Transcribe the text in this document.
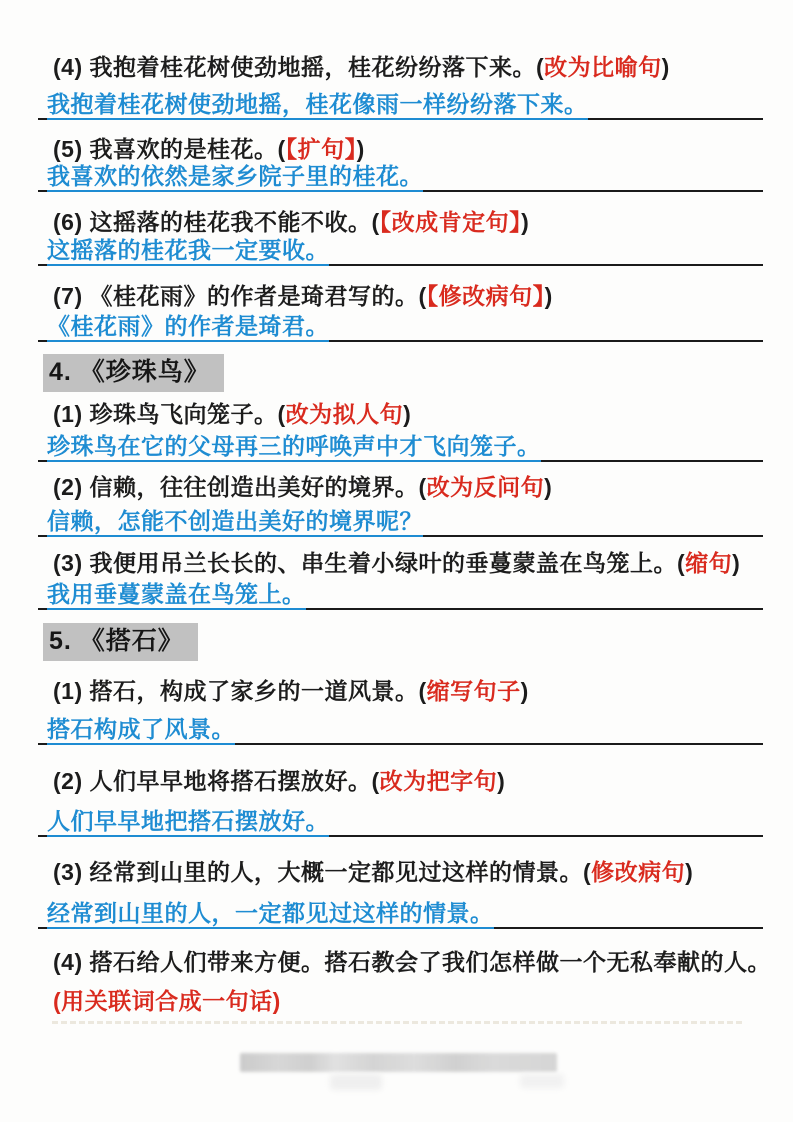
(4) 我抱着桂花树使劲地摇，桂花纷纷落下来。(改为比喻句)
我抱着桂花树使劲地摇，桂花像雨一样纷纷落下来。
(5) 我喜欢的是桂花。(【扩句】)
我喜欢的依然是家乡院子里的桂花。
(6) 这摇落的桂花我不能不收。(【改成肯定句】)
这摇落的桂花我一定要收。
(7) 《桂花雨》的作者是琦君写的。(【修改病句】)
《桂花雨》的作者是琦君。
4. 《珍珠鸟》
(1) 珍珠鸟飞向笼子。(改为拟人句)
珍珠鸟在它的父母再三的呼唤声中才飞向笼子。
(2) 信赖，往往创造出美好的境界。(改为反问句)
信赖，怎能不创造出美好的境界呢？
(3) 我便用吊兰长长的、串生着小绿叶的垂蔓蒙盖在鸟笼上。(缩句)
我用垂蔓蒙盖在鸟笼上。
5. 《搭石》
(1) 搭石，构成了家乡的一道风景。(缩写句子)
搭石构成了风景。
(2) 人们早早地将搭石摆放好。(改为把字句)
人们早早地把搭石摆放好。
(3) 经常到山里的人，大概一定都见过这样的情景。(修改病句)
经常到山里的人，一定都见过这样的情景。
(4) 搭石给人们带来方便。搭石教会了我们怎样做一个无私奉献的人。
(用关联词合成一句话)
